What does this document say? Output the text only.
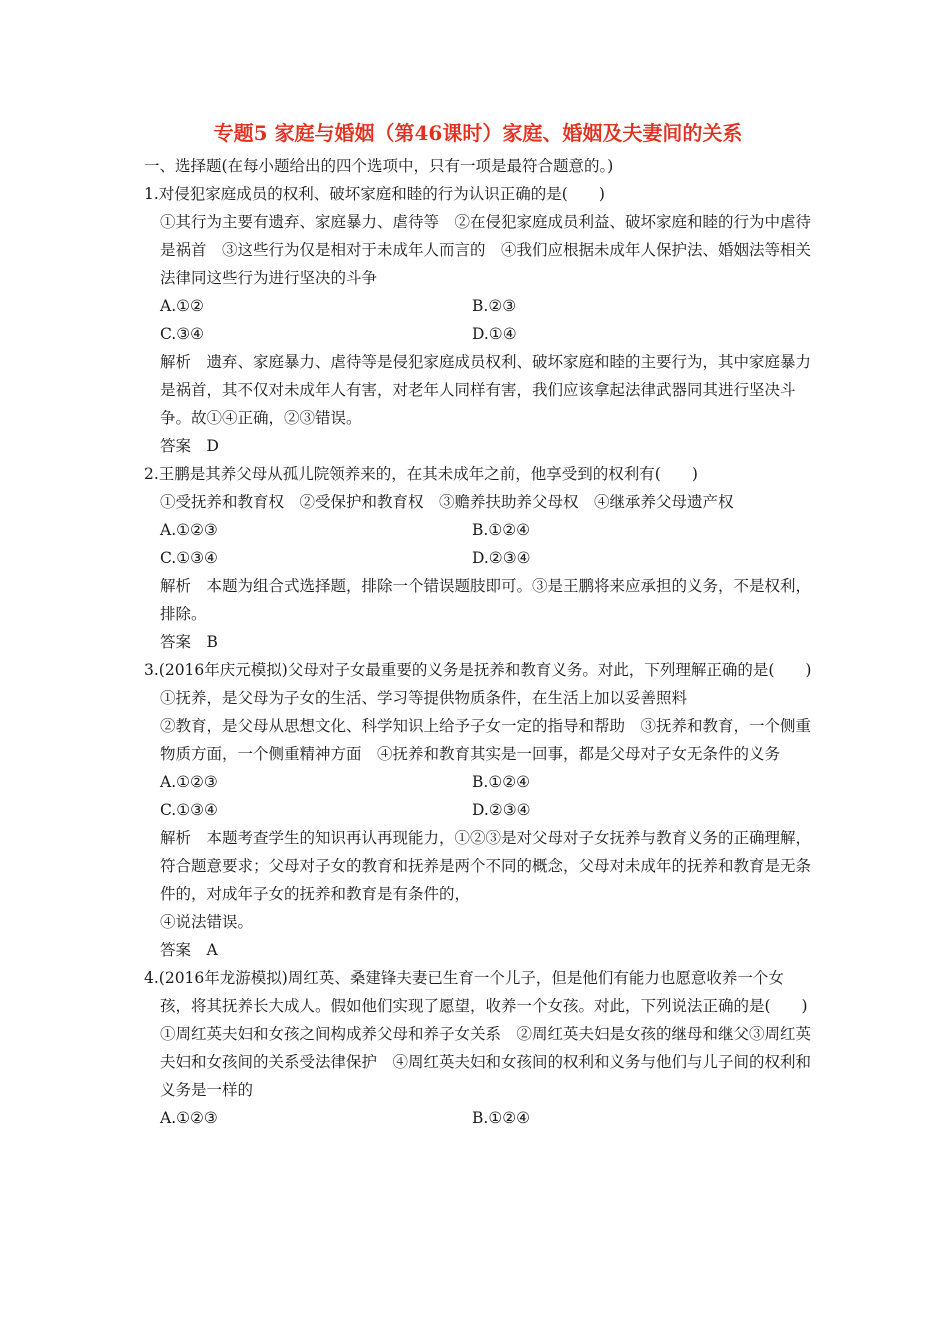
专题5 家庭与婚姻（第46课时）家庭、婚姻及夫妻间的关系
一、选择题(在每小题给出的四个选项中，只有一项是最符合题意的。)
1.对侵犯家庭成员的权利、破坏家庭和睦的行为认识正确的是(　　)
①其行为主要有遗弃、家庭暴力、虐待等　②在侵犯家庭成员利益、破坏家庭和睦的行为中虐待是祸首　③这些行为仅是相对于未成年人而言的　④我们应根据未成年人保护法、婚姻法等相关法律同这些行为进行坚决的斗争
A.①②	B.②③
C.③④	D.①④
解析　遗弃、家庭暴力、虐待等是侵犯家庭成员权利、破坏家庭和睦的主要行为，其中家庭暴力是祸首，其不仅对未成年人有害，对老年人同样有害，我们应该拿起法律武器同其进行坚决斗争。故①④正确，②③错误。
答案　D
2.王鹏是其养父母从孤儿院领养来的，在其未成年之前，他享受到的权利有(　　)
①受抚养和教育权　②受保护和教育权　③赡养扶助养父母权　④继承养父母遗产权
A.①②③	B.①②④
C.①③④	D.②③④
解析　本题为组合式选择题，排除一个错误题肢即可。③是王鹏将来应承担的义务，不是权利，排除。
答案　B
3.(2016年庆元模拟)父母对子女最重要的义务是抚养和教育义务。对此，下列理解正确的是(　　)
①抚养，是父母为子女的生活、学习等提供物质条件，在生活上加以妥善照料
②教育，是父母从思想文化、科学知识上给予子女一定的指导和帮助　③抚养和教育，一个侧重物质方面，一个侧重精神方面　④抚养和教育其实是一回事，都是父母对子女无条件的义务
A.①②③	B.①②④
C.①③④	D.②③④
解析　本题考查学生的知识再认再现能力，①②③是对父母对子女抚养与教育义务的正确理解，符合题意要求；父母对子女的教育和抚养是两个不同的概念，父母对未成年的抚养和教育是无条件的，对成年子女的抚养和教育是有条件的，
④说法错误。
答案　A
4.(2016年龙游模拟)周红英、桑建锋夫妻已生育一个儿子，但是他们有能力也愿意收养一个女孩，将其抚养长大成人。假如他们实现了愿望，收养一个女孩。对此，下列说法正确的是(　　)
①周红英夫妇和女孩之间构成养父母和养子女关系　②周红英夫妇是女孩的继母和继父③周红英夫妇和女孩间的关系受法律保护　④周红英夫妇和女孩间的权利和义务与他们与儿子间的权利和义务是一样的
A.①②③	B.①②④
